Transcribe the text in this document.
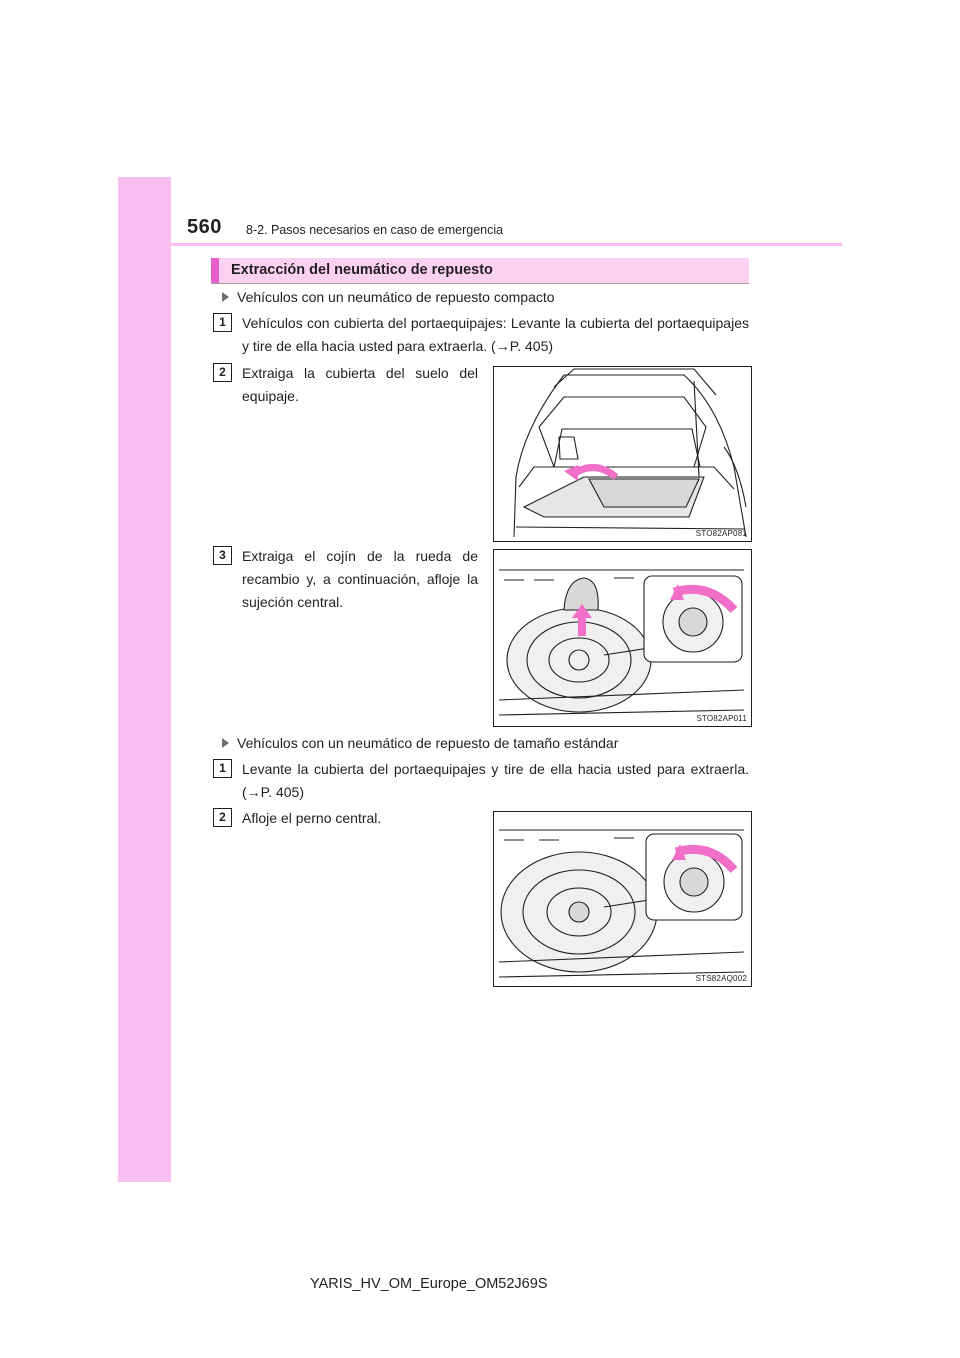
560 8-2. Pasos necesarios en caso de emergencia
Extracción del neumático de repuesto
Vehículos con un neumático de repuesto compacto
1	Vehículos con cubierta del portaequipajes: Levante la cubierta del portaequipajes y tire de ella hacia usted para extraerla. (→P. 405)
2	Extraiga la cubierta del suelo del equipaje.
STO82AP081
3	Extraiga el cojín de la rueda de recambio y, a continuación, afloje la sujeción central.
STO82AP011
Vehículos con un neumático de repuesto de tamaño estándar
1	Levante la cubierta del portaequipajes y tire de ella hacia usted para extraerla. (→P. 405)
2	Afloje el perno central.
STS82AQ002
YARIS_HV_OM_Europe_OM52J69S
